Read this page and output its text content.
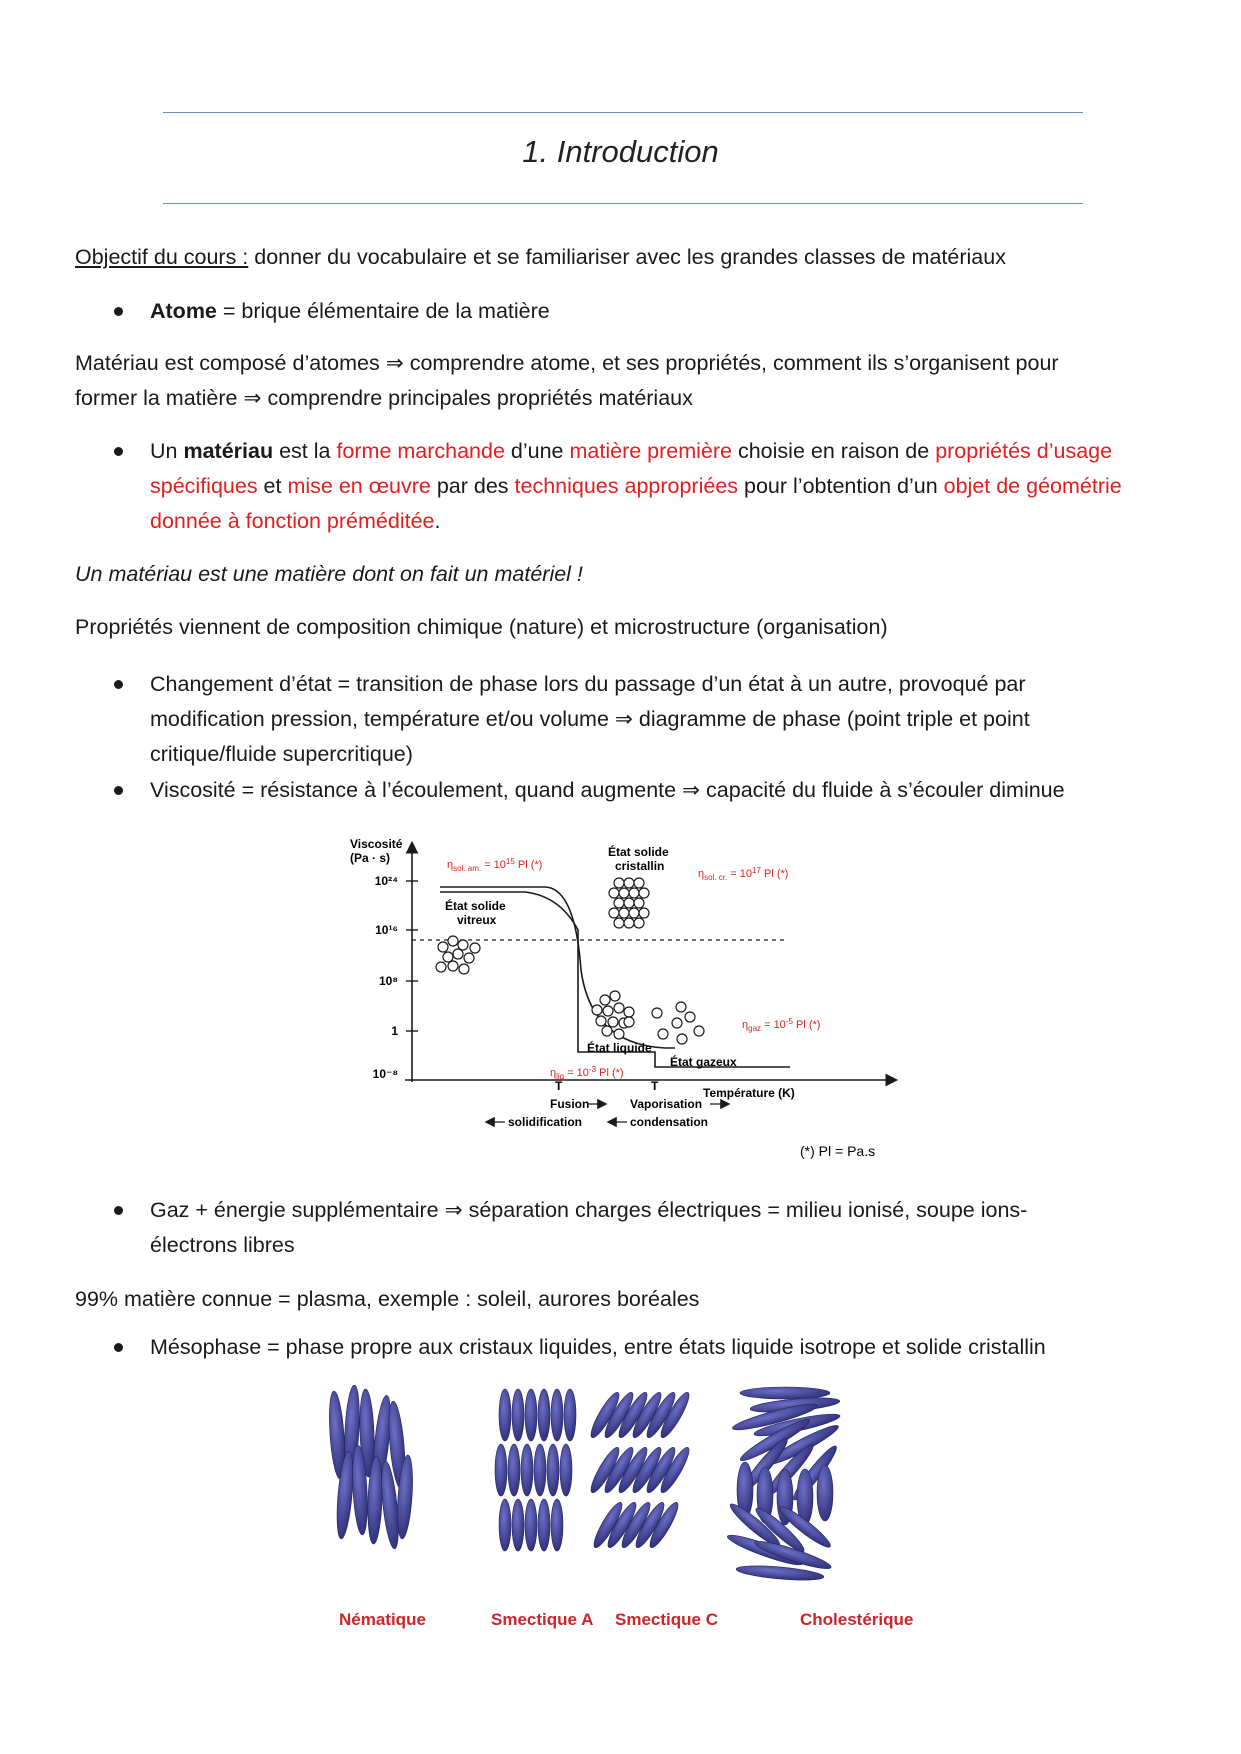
1. Introduction
Objectif du cours : donner du vocabulaire et se familiariser avec les grandes classes de matériaux
Atome = brique élémentaire de la matière
Matériau est composé d’atomes ⇒ comprendre atome, et ses propriétés, comment ils s’organisent pour
former la matière ⇒ comprendre principales propriétés matériaux
Un matériau est la forme marchande d’une matière première choisie en raison de propriétés d’usage spécifiques et mise en œuvre par des techniques appropriées pour l’obtention d’un objet de géométrie donnée à fonction préméditée.
Un matériau est une matière dont on fait un matériel !
Propriétés viennent de composition chimique (nature) et microstructure (organisation)
Changement d’état = transition de phase lors du passage d’un état à un autre, provoqué par modification pression, température et/ou volume ⇒ diagramme de phase (point triple et point critique/fluide supercritique)
Viscosité = résistance à l’écoulement, quand augmente ⇒ capacité du fluide à s’écouler diminue
Viscosité
(Pa · s)
10²⁴
10¹⁶
10⁸
1
10⁻⁸
T	T
Fusion	Vaporisation
solidification	condensation
Température (K)
État solide
vitreux
État solide
cristallin
État liquide
État gazeux
$\eta_{sol. am.} = 10^{15}$ Pl (*)
$\eta_{sol. cr.} = 10^{17}$ Pl (*)
$\eta_{gaz} = 10^{-5}$ Pl (*)
$\eta_{liq} = 10^{-3}$ Pl (*)
(*) Pl = Pa.s
Gaz + énergie supplémentaire ⇒ séparation charges électriques = milieu ionisé, soupe ions-électrons libres
99% matière connue = plasma, exemple : soleil, aurores boréales
Mésophase = phase propre aux cristaux liquides, entre états liquide isotrope et solide cristallin
Nématique	Smectique A Smectique C	Cholestérique
